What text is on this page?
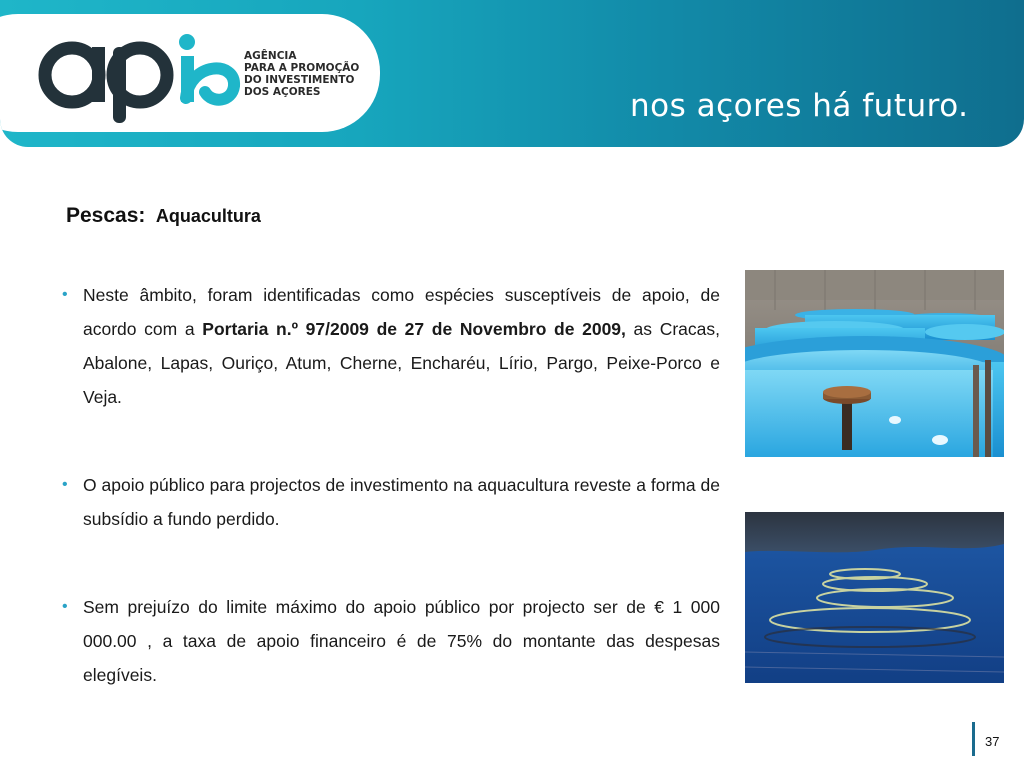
AGÊNCIA
PARA A PROMOÇÃO
DO INVESTIMENTO
DOS AÇORES	nos açores há futuro.
Pescas: Aquacultura
• Neste âmbito, foram identificadas como espécies susceptíveis de apoio, de acordo com a Portaria n.º 97/2009 de 27 de Novembro de 2009, as Cracas, Abalone, Lapas, Ouriço, Atum, Cherne, Encharéu, Lírio, Pargo, Peixe-Porco e Veja.
• O apoio público para projectos de investimento na aquacultura reveste a forma de subsídio a fundo perdido.
• Sem prejuízo do limite máximo do apoio público por projecto ser de € 1 000 000.00 , a taxa de apoio financeiro é de 75% do montante das despesas elegíveis.
37
